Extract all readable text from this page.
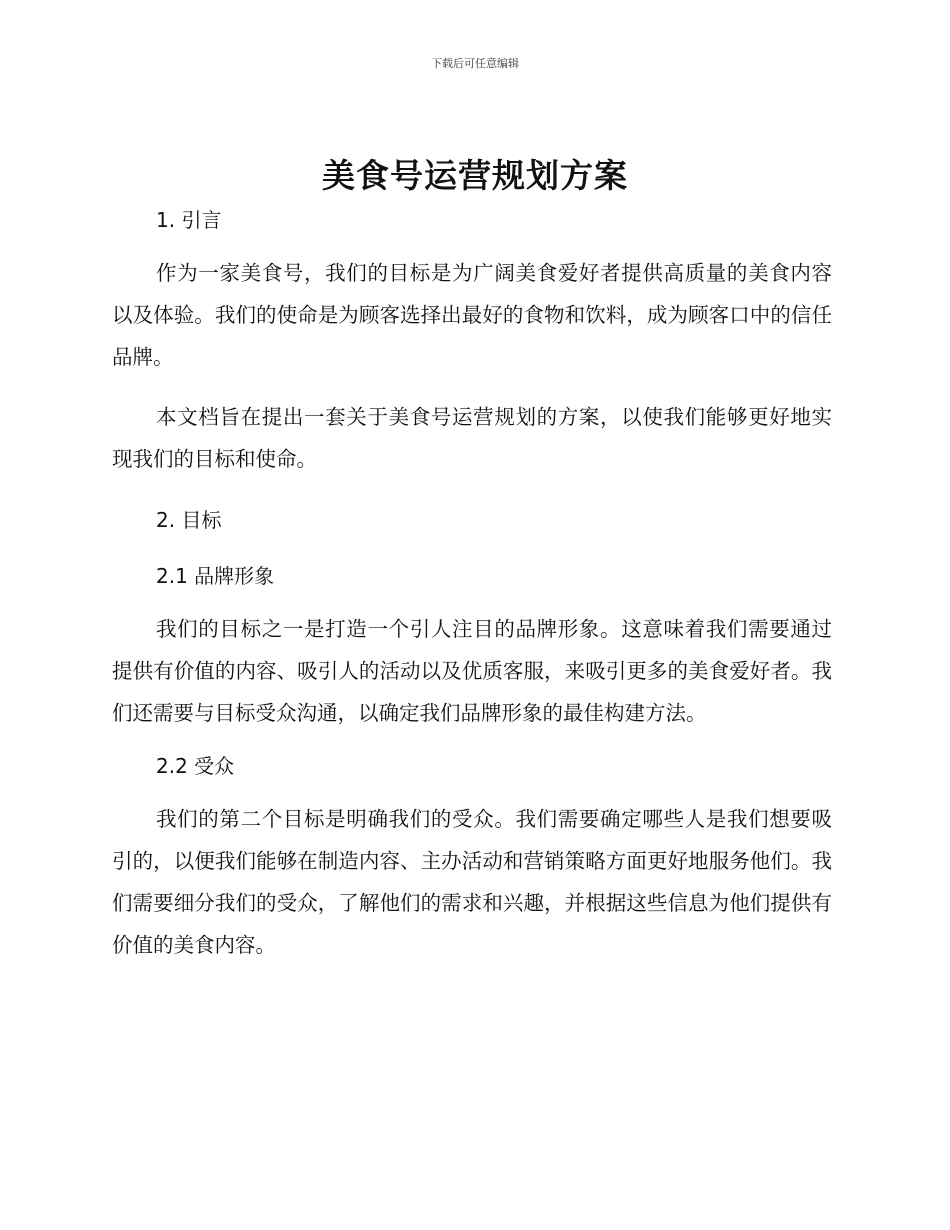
下载后可任意编辑
美食号运营规划方案
1. 引言

作为一家美食号，我们的目标是为广阔美食爱好者提供高质量的美食内容以及体验。我们的使命是为顾客选择出最好的食物和饮料，成为顾客口中的信任品牌。

本文档旨在提出一套关于美食号运营规划的方案，以使我们能够更好地实现我们的目标和使命。

2. 目标
2.1 品牌形象

我们的目标之一是打造一个引人注目的品牌形象。这意味着我们需要通过提供有价值的内容、吸引人的活动以及优质客服，来吸引更多的美食爱好者。我们还需要与目标受众沟通，以确定我们品牌形象的最佳构建方法。

2.2 受众

我们的第二个目标是明确我们的受众。我们需要确定哪些人是我们想要吸引的，以便我们能够在制造内容、主办活动和营销策略方面更好地服务他们。我们需要细分我们的受众，了解他们的需求和兴趣，并根据这些信息为他们提供有价值的美食内容。
